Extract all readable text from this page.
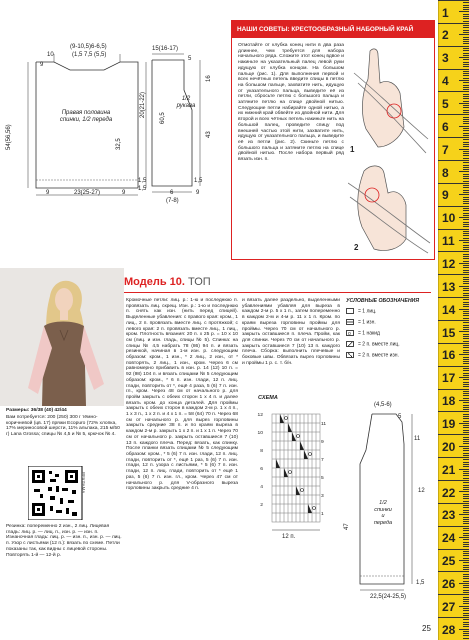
1
2
3
4
5
6
7
8
9
10
11
12
13
14
15
16
17
18
19
20
21
22
23
24
25
26
27
28
(9-10,5)6-6,5)
(1,5 7,5 (5,5)
10
9
54(56,56)	32,5
20(21-22)
Правая половина спинки, 1/2 переда
1,5
1,5
9	23(25-27)	9
15(16-17)
5
16
43
60,5
1/2 рукава
1,5
6
(7-8)
9
НАШИ СОВЕТЫ: КРЕСТООБРАЗНЫЙ НАБОРНЫЙ КРАЙ
Отмотайте от клубка конец нити в два раза длиннее, чем требуется для набора начального ряда. Сложите этот конец вдвое и накиньте на указательный палец левой руки идущую от клубка концом. На большом пальце (рис. 1). Для выполнения первой и всех нечётных петель введите спицы в петлю на большом пальце, захватите нить, идущую от указательного пальца, выведите её из петли, сбросьте петлю с большого пальца и затяните петлю на спице двойной нитью. Следующие петли набирайте одной нитью, а их нижний край обвейте из двойной нити. Для второй и всех чётных петель накиньте нить на большой палец, проведите спицу под внешней частью этой нити, захватите нить, идущую от указательного пальца, и выведите её из петли (рис. 2). Скиньте петлю с большого пальца и затяните петлю на спице двойной нитью. После набора первый ряд вязать изн. п.
1
2
Размеры: 36/38 (40) 42/44
Вам потребуется: 200 (250) 300 г тёмно-коричневой (цв. 17) пряжи Ecopuro (72% хлопка, 17% мериносовой шерсти, 11% альпака, 215 м/50 г) Lana Grossa; спицы № 4,5 и № 5, крючок № 4.
РЕКЛАМА
Резинка: попеременно 2 изн., 2 лиц. Лицевая гладь: лиц. р. — лиц. п., изн. р. — изн. п. Изнаночная гладь: лиц. р. — изн. п., изн. р. — лиц. п. Узор с листьями (12 п.): вязать по схеме. Петли показаны так, как видны с лицевой стороны. Повторять 1-й — 12-й р.
Модель 10. ТОП
Кромочные петли: лиц. р.: 1-ю и последнюю п. провязать лиц. скрещ. Изн. р.: 1-ю и последнюю п. снять как изн. (нить перед спицей). Выделенные убавления: с правого края: кром., 1 лиц., 2 п. провязать вместе лиц. с протяжкой; с левого края: 2 п. провязать вместе лиц., 1 лиц., кром. Плотность вязания: 20 п. x 25 р. = 10 x 10 см (лиц. и изн. гладь, спицы № 5). Спинка: на спицы № 4,5 набрать 78 (86) 94 п. и вязать резинкой, начиная в 1-м изн. р. следующим образом: кром., 1 изн., * 2 лиц., 2 изн., от * повторять, 2 лиц., 1 изн., кром. Через 6 см равномерно прибавить в изн. р. 14 (12) 10 п. = 92 (98) 104 п. и вязать спицами № 5 следующим образом: кром., * 6 п. изн. глади, 12 п. лиц. глади, повторить от *, ещё 4 раза, 5 (6) 7 п. изн. гл., кром. Через 48 см от начального р. для пройм закрыть с обеих сторон 1 x 4 п. и далее вязать кром. до конца деталей. Для проймы закрыть с обеих сторон в каждом 2-м р. 1 x 4 п., 1 x 3 п., 1 x 2 п. и 4 x 1 п. = 58 (64) 70 п. Через 68 см от начального р. для вырез горловины закрыть средние 38 п. и по краям выреза в каждом 2-м р. закрыть 1 x 2 п. и 1 x 1 п. Через 70 см от начального р. закрыть оставшиеся 7 (10) 13 п. каждого плеча. Перед: вязать, как спинку. После планки вязать спицами № 5 следующим образом: кром., * 5 (6) 7 п. изн. глади, 12 п. лиц. глади, повторить от *, ещё 1 раз, 5 (6) 7 п. изн. глади, 12 п. узора с листьями, * 5 (6) 7 п. изн. глади, 12 п. лиц. глади, повторить от * ещё 1 раз, 5 (6) 7 п. изн. гл., кром. Через 47 см от начального р. для V-образного выреза горловины закрыть средние 4 п.
и вязать далее раздельно, выделенными убавлениями убавляя для выреза в каждом 2-м р. 5 x 1 п., затем попеременно в каждом 2-м и 4-м р. 11 x 1 п. Кром. по краям выреза горловины проймы для проймы. Через 70 см от начального р. закрыть оставшиеся п. плеча. Пройм, как для спинки. Через 70 см от начального р. закрыть оставшиеся 7 (10) 13 п. каждого плеча. Сборка: выполнить плечевые и боковые швы. Обвязать вырез горловины и проймы 1 р. с. т. б/н.
УСЛОВНЫЕ ОБОЗНАЧЕНИЯ
= 1 лиц.
= 1 изн.
o = 1 накид
= 2 п. вместе лиц.
= 2 п. вместе изн.
СХЕМА
12
10
8
6
4
2
11
9
7
5
3
1
12 п.
(4,5-6)
5
11
12
47
1/2 спинки и переда
1,5
22,5(24-25,5)
25
